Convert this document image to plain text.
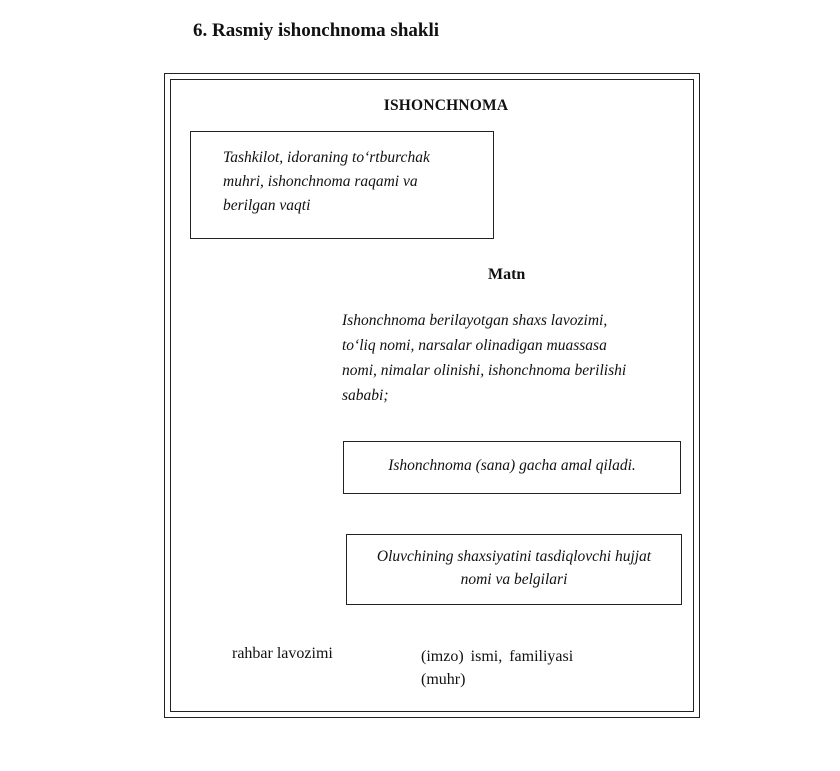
6. Rasmiy ishonchnoma shakli
ISHONCHNOMA
Tashkilot, idoraning to‘rtburchak
muhri, ishonchnoma raqami va
berilgan vaqti
Matn
Ishonchnoma berilayotgan shaxs lavozimi,
to‘liq nomi, narsalar olinadigan muassasa
nomi, nimalar olinishi, ishonchnoma berilishi
sababi;
Ishonchnoma (sana) gacha amal qiladi.
Oluvchining shaxsiyatini tasdiqlovchi hujjat
nomi va belgilari
rahbar lavozimi	(imzo) ismi, familiyasi
(muhr)
